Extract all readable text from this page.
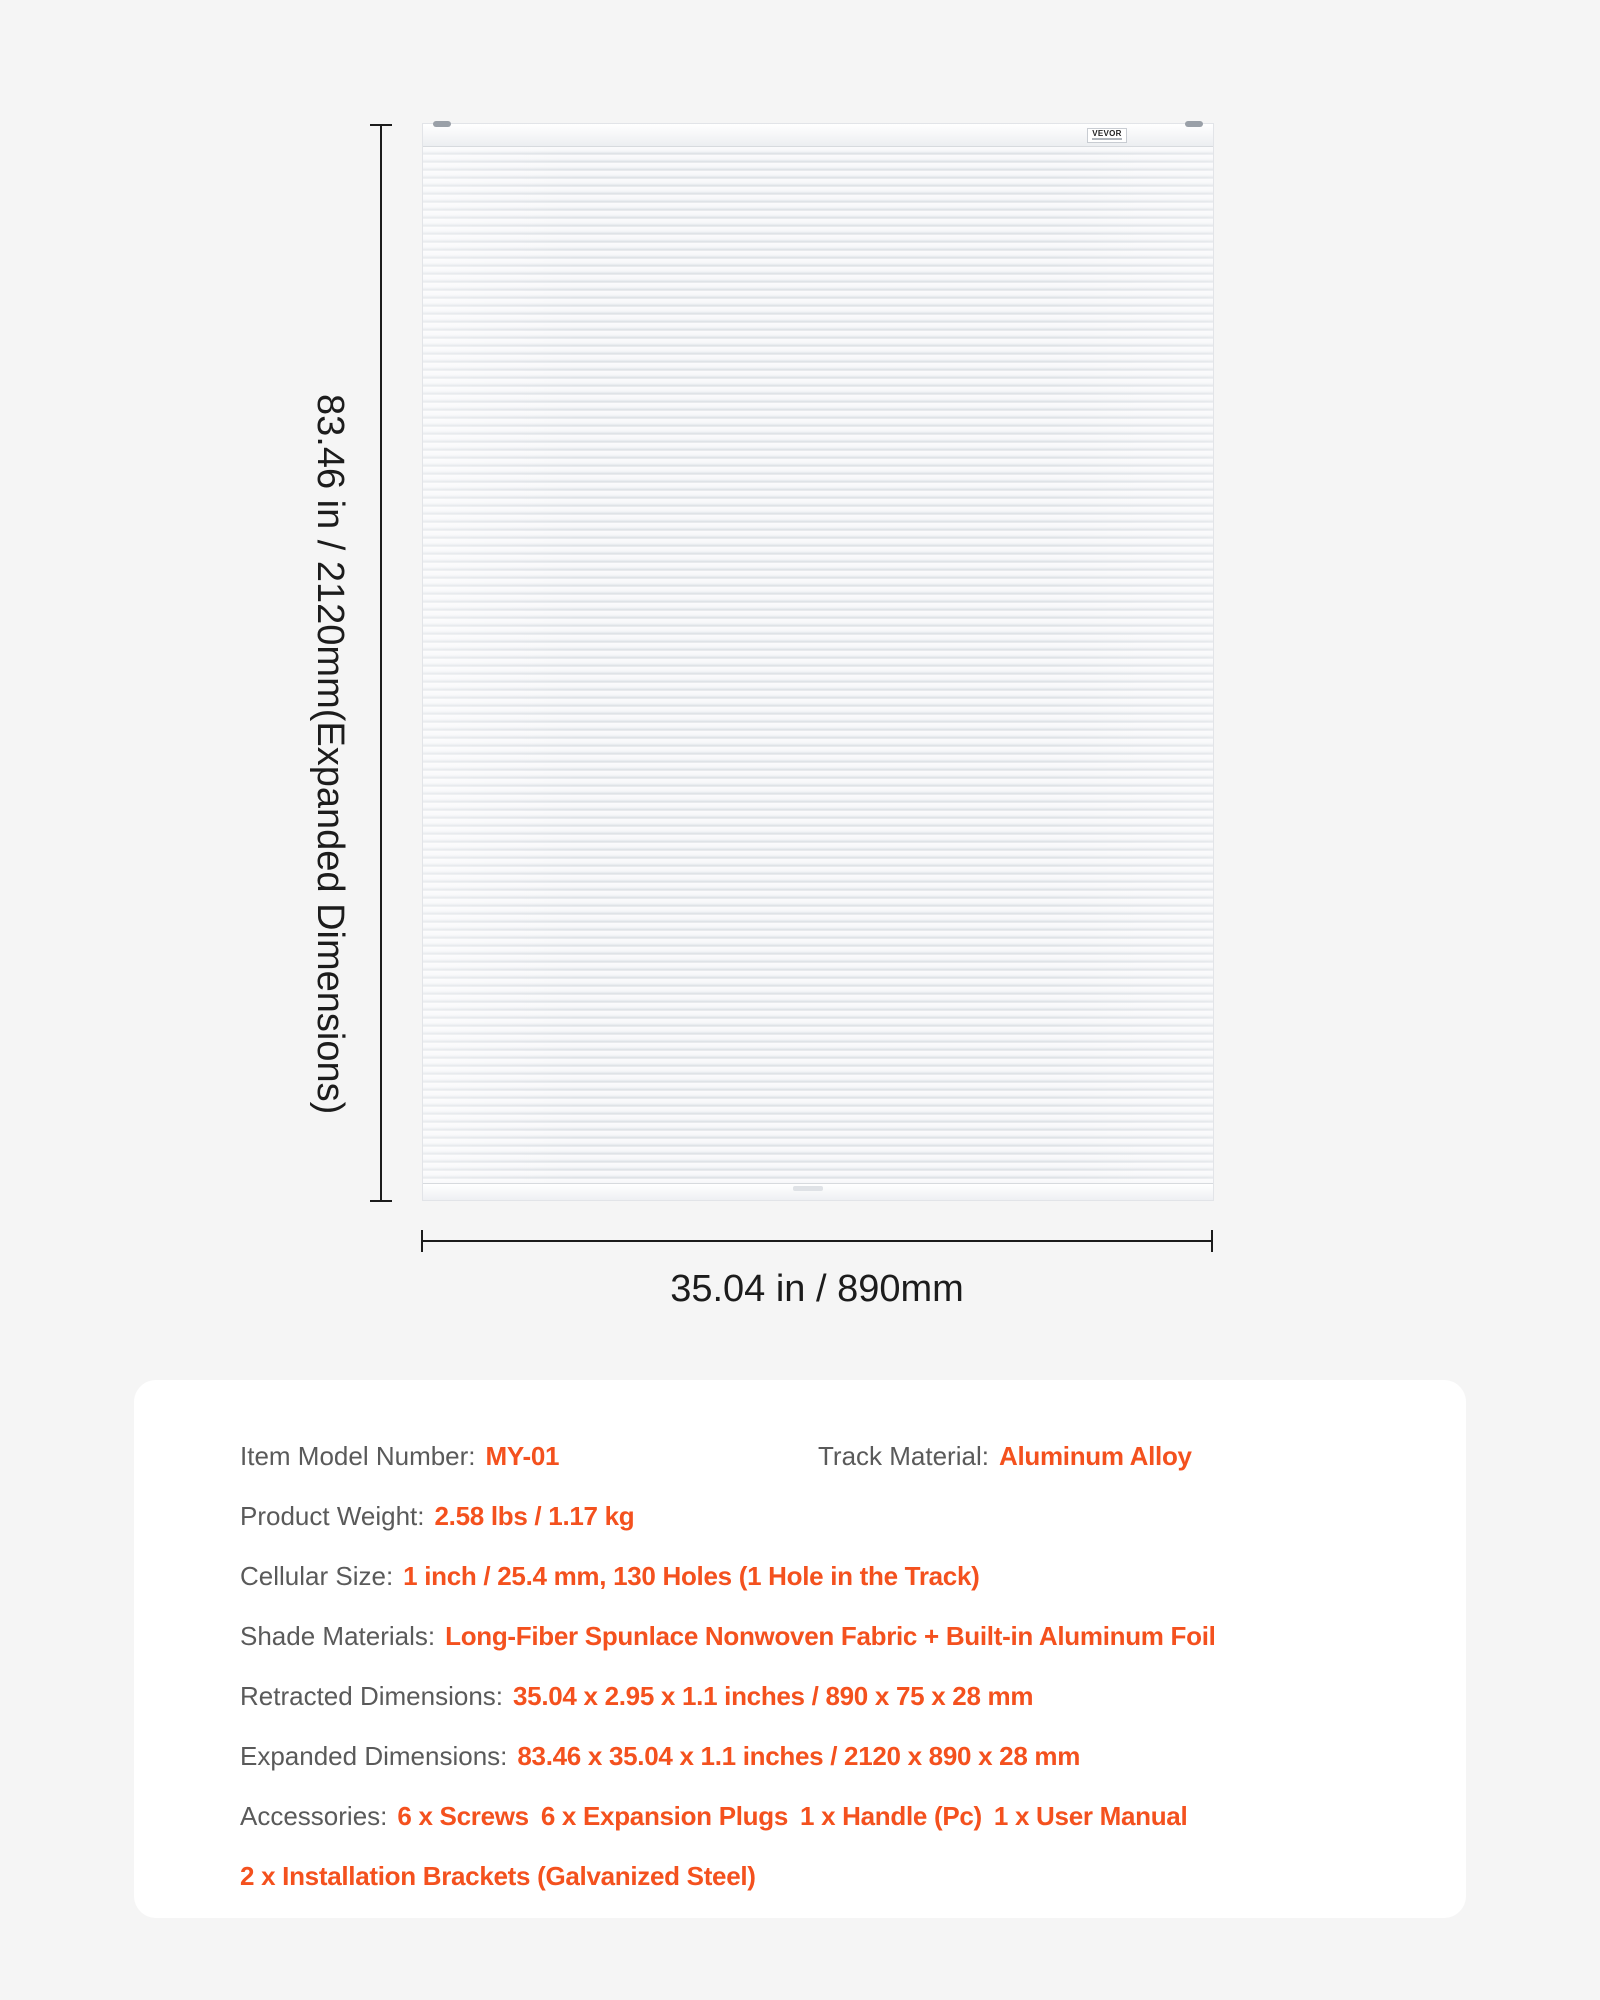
VEVOR
83.46 in / 2120mm(Expanded Dimensions)
35.04 in / 890mm
Item Model Number: MY-01	Track Material: Aluminum Alloy
Product Weight: 2.58 lbs / 1.17 kg
Cellular Size: 1 inch / 25.4 mm, 130 Holes (1 Hole in the Track)
Shade Materials: Long-Fiber Spunlace Nonwoven Fabric + Built-in Aluminum Foil
Retracted Dimensions: 35.04 x 2.95 x 1.1 inches / 890 x 75 x 28 mm
Expanded Dimensions: 83.46 x 35.04 x 1.1 inches / 2120 x 890 x 28 mm
Accessories: 6 x Screws 6 x Expansion Plugs 1 x Handle (Pc) 1 x User Manual
2 x Installation Brackets (Galvanized Steel)
